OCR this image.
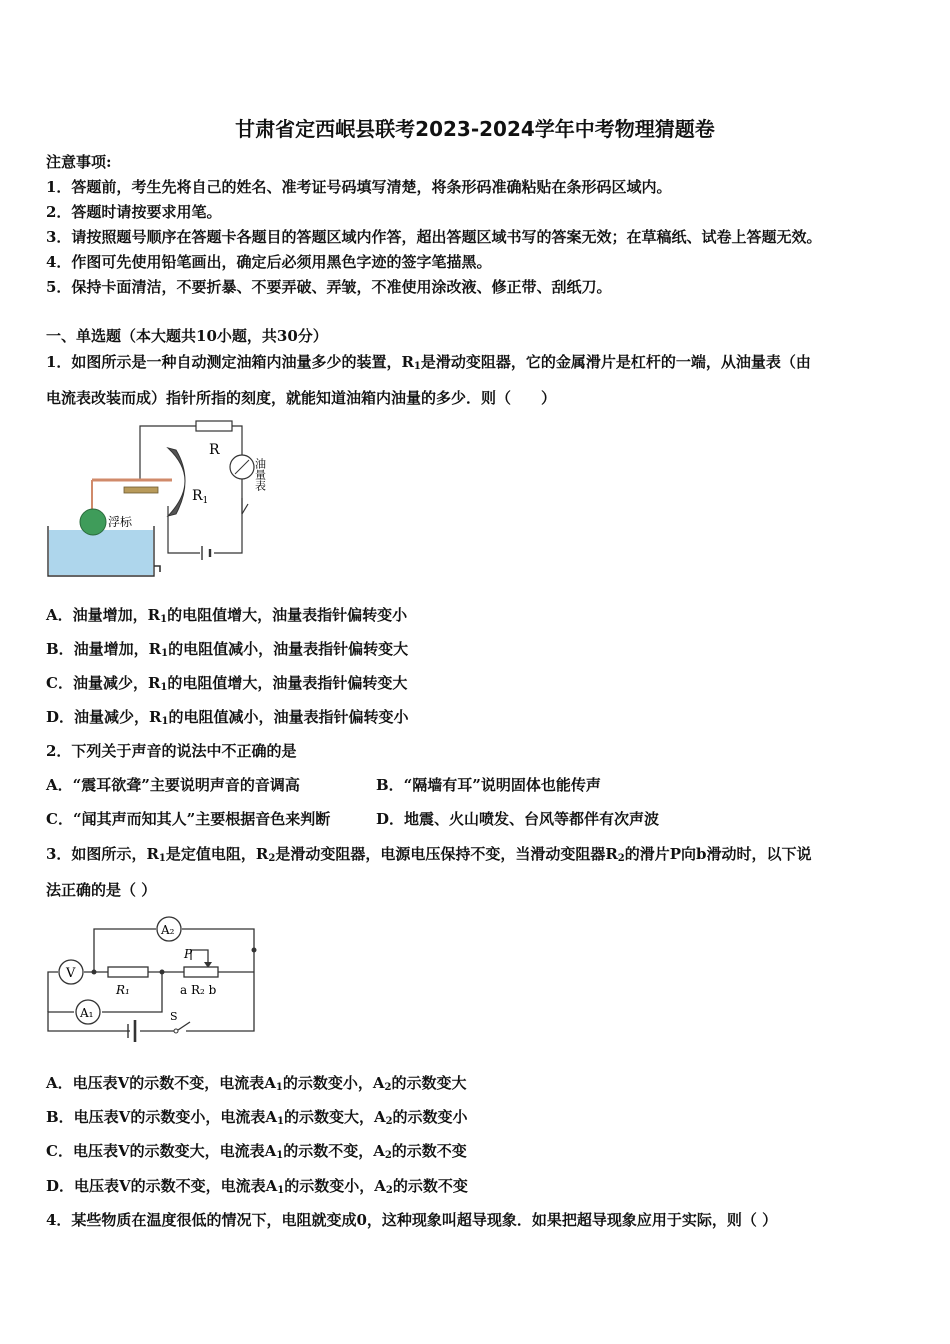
甘肃省定西岷县联考2023-2024学年中考物理猜题卷
注意事项:
1．答题前，考生先将自己的姓名、准考证号码填写清楚，将条形码准确粘贴在条形码区域内。
2．答题时请按要求用笔。
3．请按照题号顺序在答题卡各题目的答题区域内作答，超出答题区域书写的答案无效；在草稿纸、试卷上答题无效。
4．作图可先使用铅笔画出，确定后必须用黑色字迹的签字笔描黑。
5．保持卡面清洁，不要折暴、不要弄破、弄皱，不准使用涂改液、修正带、刮纸刀。
一、单选题（本大题共10小题，共30分）
1．如图所示是一种自动测定油箱内油量多少的装置，$R_1$是滑动变阻器，它的金属滑片是杠杆的一端，从油量表（由
电流表改装而成）指针所指的刻度，就能知道油箱内油量的多少．则（　　）
R
油量表
$R_1$
浮标
A．油量增加，$R_1$的电阻值增大，油量表指针偏转变小
B．油量增加，$R_1$的电阻值减小，油量表指针偏转变大
C．油量减少，$R_1$的电阻值增大，油量表指针偏转变大
D．油量减少，$R_1$的电阻值减小，油量表指针偏转变小
2．下列关于声音的说法中不正确的是
A．“震耳欲聋”主要说明声音的音调高	B．“隔墙有耳”说明固体也能传声
C．“闻其声而知其人”主要根据音色来判断	D．地震、火山喷发、台风等都伴有次声波
3．如图所示，$R_1$是定值电阻，$R_2$是滑动变阻器，电源电压保持不变，当滑动变阻器$R_2$的滑片P向b滑动时，以下说
法正确的是（ ）
A₂
V
A₁
R₁	a R₂ b
P
S
A．电压表V的示数不变，电流表$A_1$的示数变小，$A_2$的示数变大
B．电压表V的示数变小，电流表$A_1$的示数变大，$A_2$的示数变小
C．电压表V的示数变大，电流表$A_1$的示数不变，$A_2$的示数不变
D．电压表V的示数不变，电流表$A_1$的示数变小，$A_2$的示数不变
4．某些物质在温度很低的情况下，电阻就变成0，这种现象叫超导现象．如果把超导现象应用于实际，则（ ）
